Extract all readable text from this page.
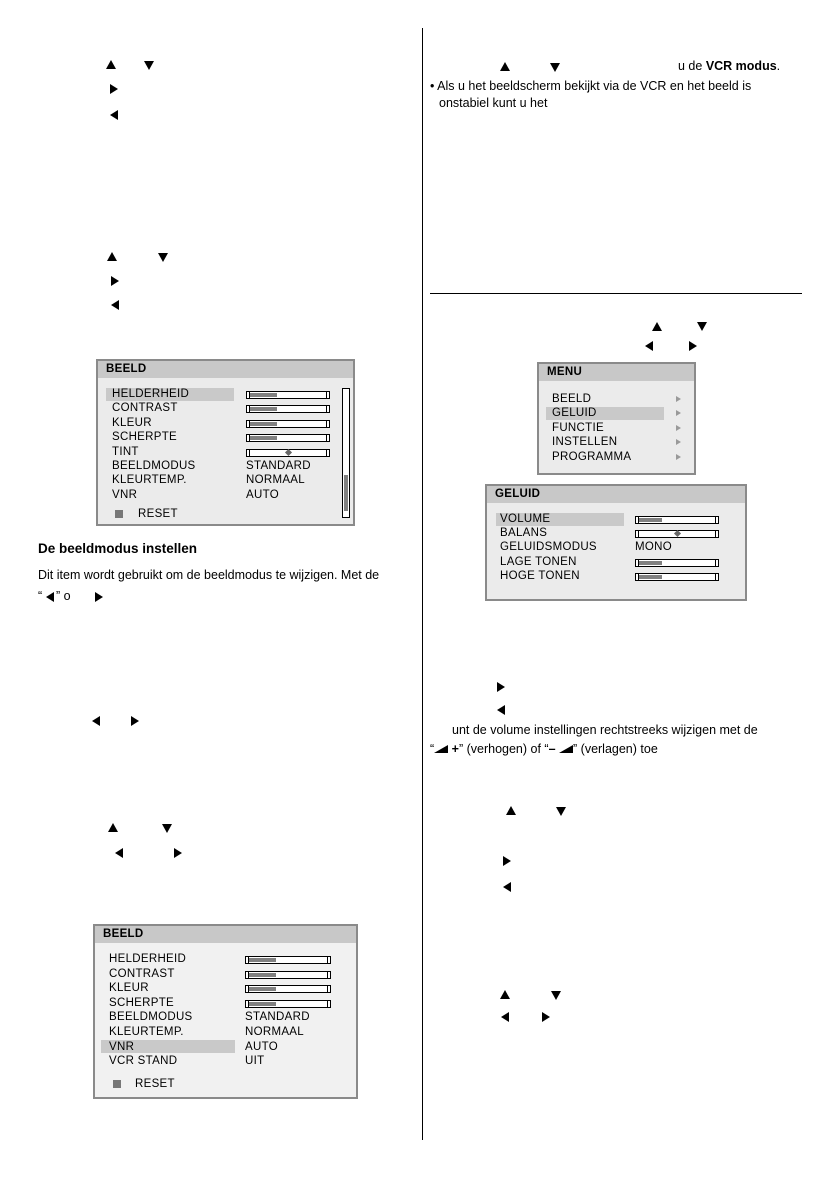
BEELD
HELDERHEID
CONTRAST
KLEUR
SCHERPTE
TINT
BEELDMODUS	STANDARD
KLEURTEMP.	NORMAAL
VNR	AUTO
RESET
De beeldmodus instellen
Dit item wordt gebruikt om de beeldmodus te wijzigen. Met de
“ ” o
BEELD
HELDERHEID
CONTRAST
KLEUR
SCHERPTE
BEELDMODUS	STANDARD
KLEURTEMP.	NORMAAL
VNR	AUTO
VCR STAND	UIT
RESET
u de VCR modus.
• Als u het beeldscherm bekijkt via de VCR en het beeld is
onstabiel kunt u het
MENU
BEELD
GELUID
FUNCTIE
INSTELLEN
PROGRAMMA
GELUID
VOLUME
BALANS
GELUIDSMODUS	MONO
LAGE TONEN
HOGE TONEN
unt de volume instellingen rechtstreeks wijzigen met de
“ +” (verhogen) of “– ” (verlagen) toe
